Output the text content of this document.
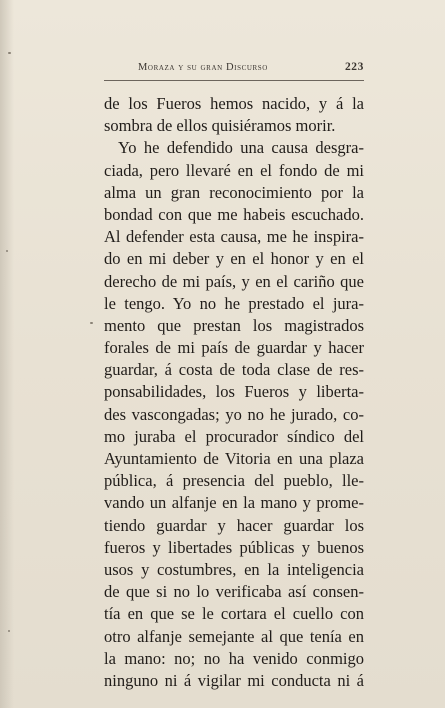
Moraza y su gran Discurso	223
de los Fueros hemos nacido, y á la
sombra de ellos quisiéramos morir.
Yo he defendido una causa desgra-
ciada, pero llevaré en el fondo de mi
alma un gran reconocimiento por la
bondad con que me habeis escuchado.
Al defender esta causa, me he inspira-
do en mi deber y en el honor y en el
derecho de mi país, y en el cariño que
le tengo. Yo no he prestado el jura-
mento que prestan los magistrados
forales de mi país de guardar y hacer
guardar, á costa de toda clase de res-
ponsabilidades, los Fueros y liberta-
des vascongadas; yo no he jurado, co-
mo juraba el procurador síndico del
Ayuntamiento de Vitoria en una plaza
pública, á presencia del pueblo, lle-
vando un alfanje en la mano y prome-
tiendo guardar y hacer guardar los
fueros y libertades públicas y buenos
usos y costumbres, en la inteligencia
de que si no lo verificaba así consen-
tía en que se le cortara el cuello con
otro alfanje semejante al que tenía en
la mano: no; no ha venido conmigo
ninguno ni á vigilar mi conducta ni á
